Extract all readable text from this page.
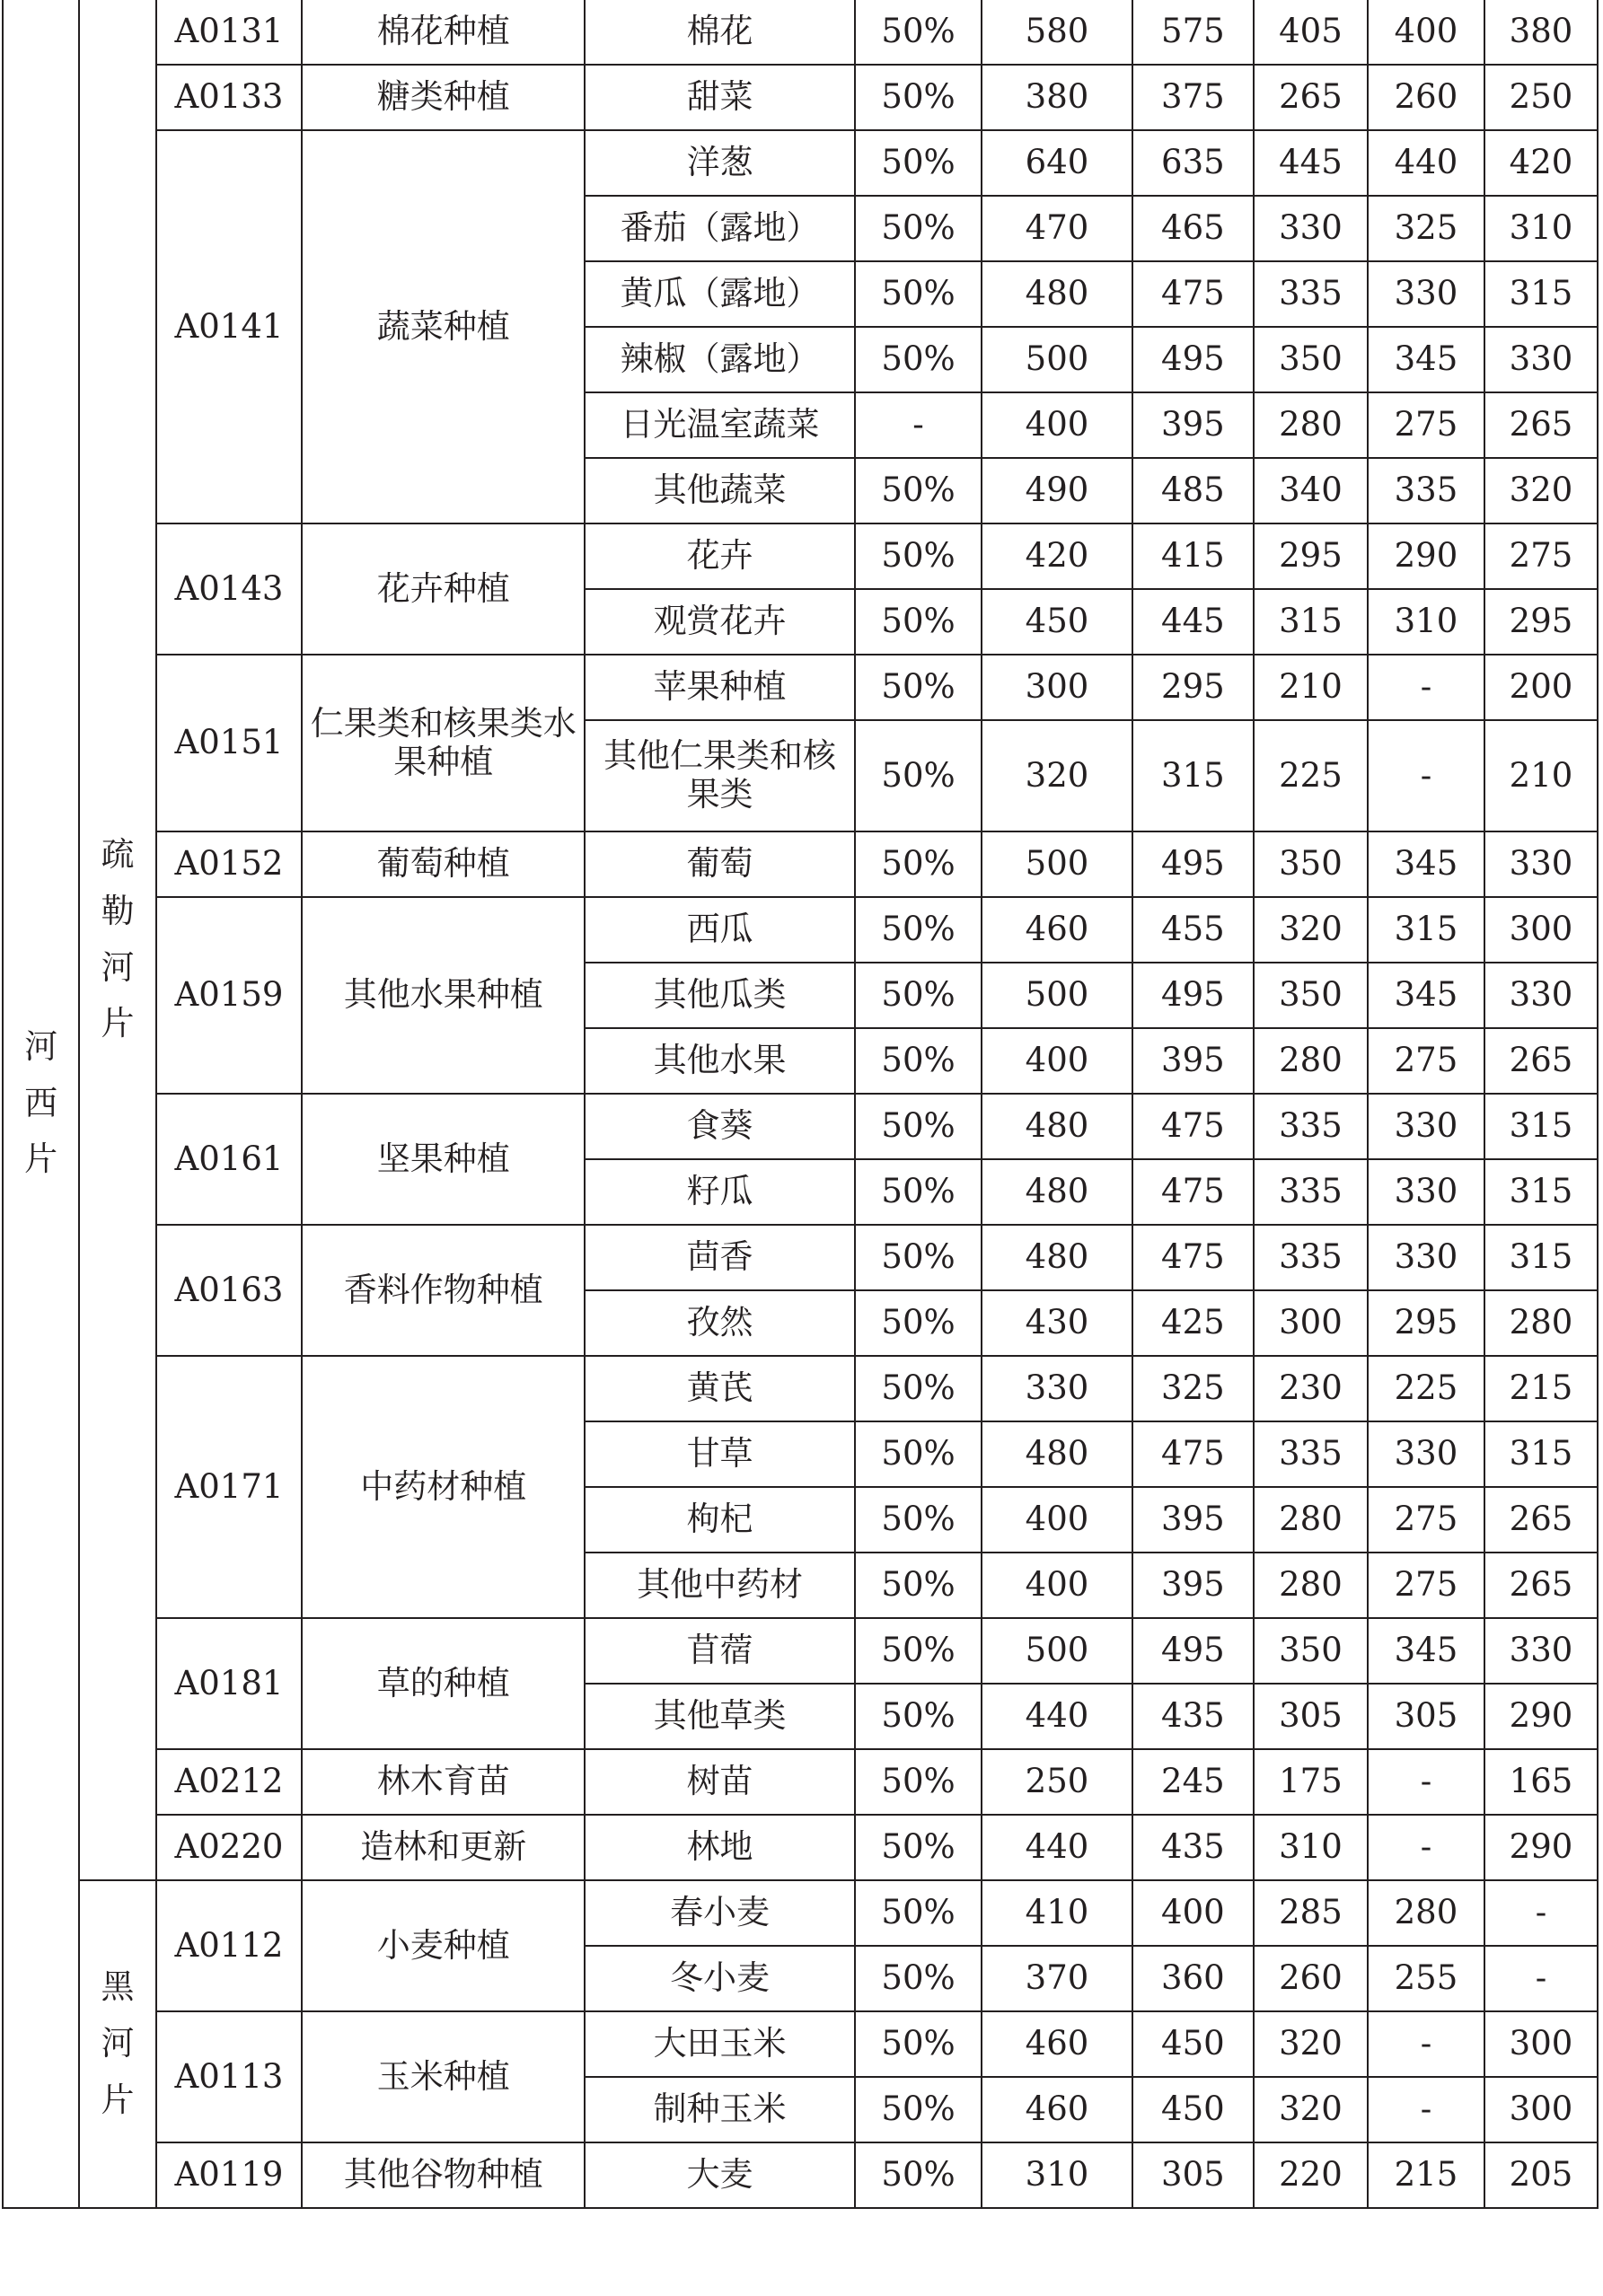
河西片	疏勒河片	A0131	棉花种植	棉花	50%	580	575	405	400	380
		A0133	糖类种植	甜菜	50%	380	375	265	260	250
		A0141	蔬菜种植	洋葱	50%	640	635	445	440	420
				番茄（露地）	50%	470	465	330	325	310
				黄瓜（露地）	50%	480	475	335	330	315
				辣椒（露地）	50%	500	495	350	345	330
				日光温室蔬菜	-	400	395	280	275	265
				其他蔬菜	50%	490	485	340	335	320
		A0143	花卉种植	花卉	50%	420	415	295	290	275
				观赏花卉	50%	450	445	315	310	295
		A0151	仁果类和核果类水果种植	苹果种植	50%	300	295	210	-	200
				其他仁果类和核果类	50%	320	315	225	-	210
		A0152	葡萄种植	葡萄	50%	500	495	350	345	330
		A0159	其他水果种植	西瓜	50%	460	455	320	315	300
				其他瓜类	50%	500	495	350	345	330
				其他水果	50%	400	395	280	275	265
		A0161	坚果种植	食葵	50%	480	475	335	330	315
				籽瓜	50%	480	475	335	330	315
		A0163	香料作物种植	茴香	50%	480	475	335	330	315
				孜然	50%	430	425	300	295	280
		A0171	中药材种植	黄芪	50%	330	325	230	225	215
				甘草	50%	480	475	335	330	315
				枸杞	50%	400	395	280	275	265
				其他中药材	50%	400	395	280	275	265
		A0181	草的种植	苜蓿	50%	500	495	350	345	330
				其他草类	50%	440	435	305	305	290
		A0212	林木育苗	树苗	50%	250	245	175	-	165
		A0220	造林和更新	林地	50%	440	435	310	-	290
	黑河片	A0112	小麦种植	春小麦	50%	410	400	285	280	-
				冬小麦	50%	370	360	260	255	-
		A0113	玉米种植	大田玉米	50%	460	450	320	-	300
				制种玉米	50%	460	450	320	-	300
		A0119	其他谷物种植	大麦	50%	310	305	220	215	205
